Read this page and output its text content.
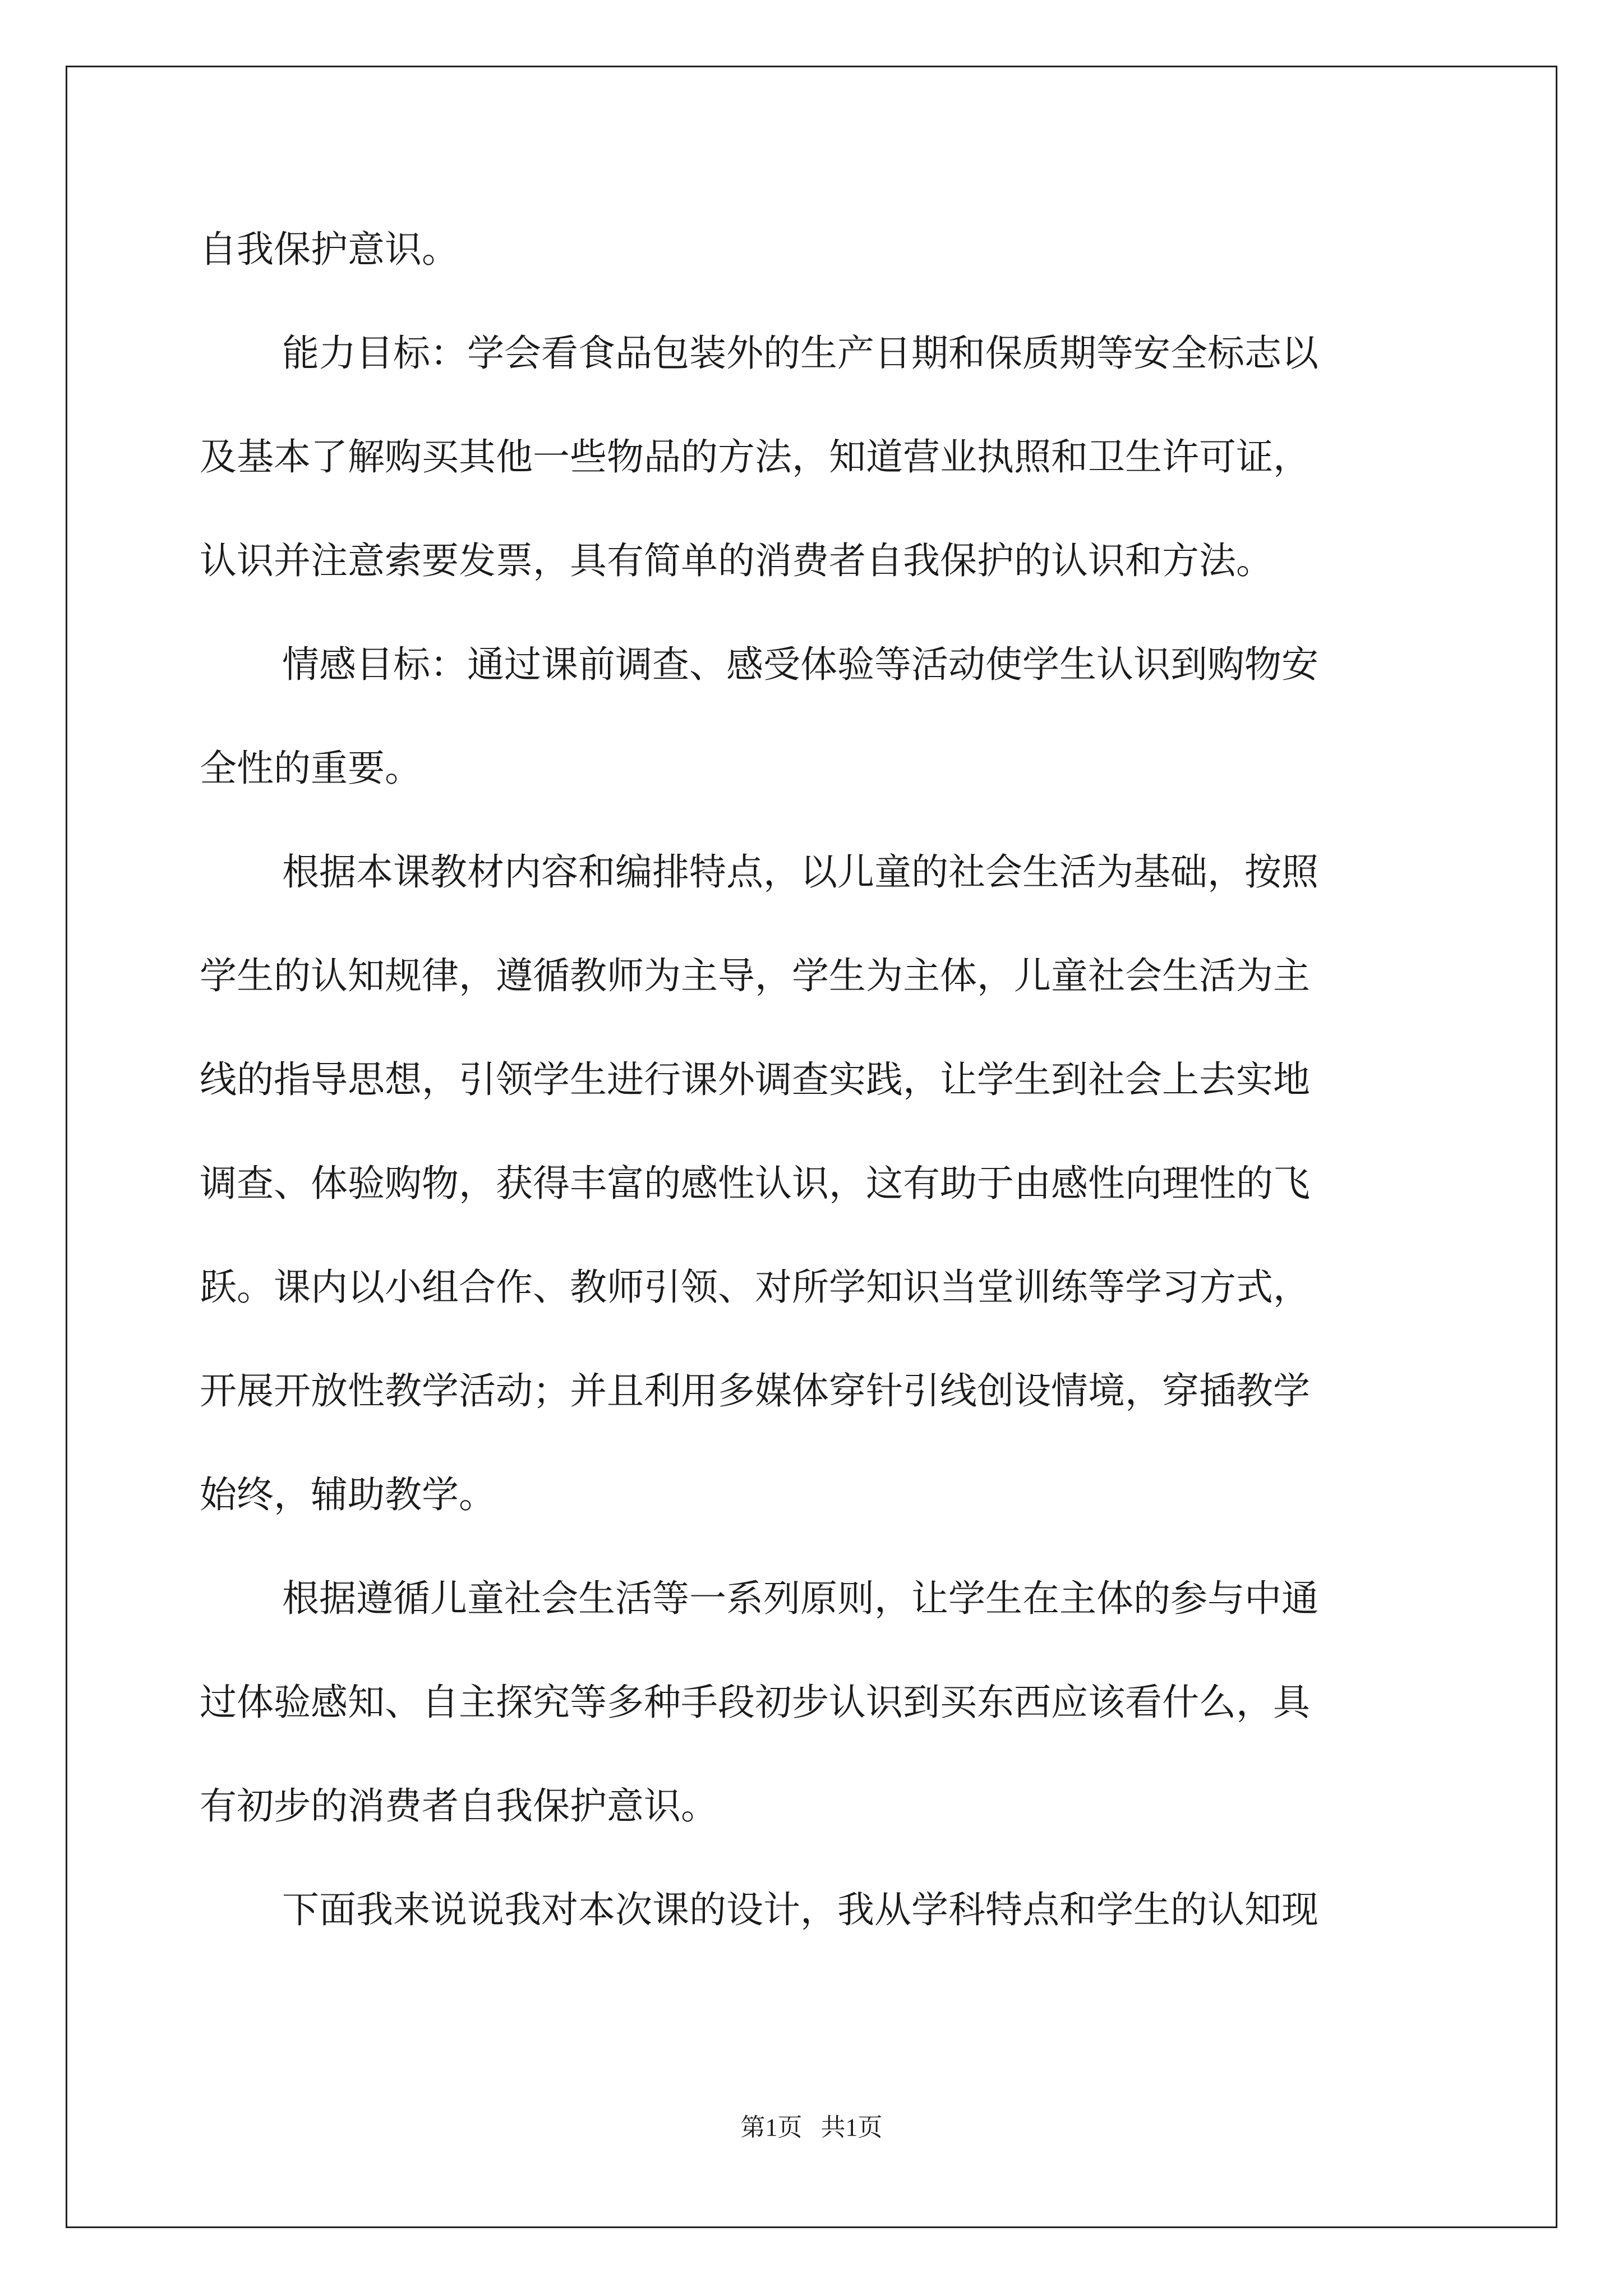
自我保护意识。
能力目标：学会看食品包装外的生产日期和保质期等安全标志以
及基本了解购买其他一些物品的方法，知道营业执照和卫生许可证，
认识并注意索要发票，具有简单的消费者自我保护的认识和方法。
情感目标：通过课前调查、感受体验等活动使学生认识到购物安
全性的重要。
根据本课教材内容和编排特点，以儿童的社会生活为基础，按照
学生的认知规律，遵循教师为主导，学生为主体，儿童社会生活为主
线的指导思想，引领学生进行课外调查实践，让学生到社会上去实地
调查、体验购物，获得丰富的感性认识，这有助于由感性向理性的飞
跃。课内以小组合作、教师引领、对所学知识当堂训练等学习方式，
开展开放性教学活动；并且利用多媒体穿针引线创设情境，穿插教学
始终，辅助教学。
根据遵循儿童社会生活等一系列原则，让学生在主体的参与中通
过体验感知、自主探究等多种手段初步认识到买东西应该看什么，具
有初步的消费者自我保护意识。
下面我来说说我对本次课的设计，我从学科特点和学生的认知现
第1页   共1页
